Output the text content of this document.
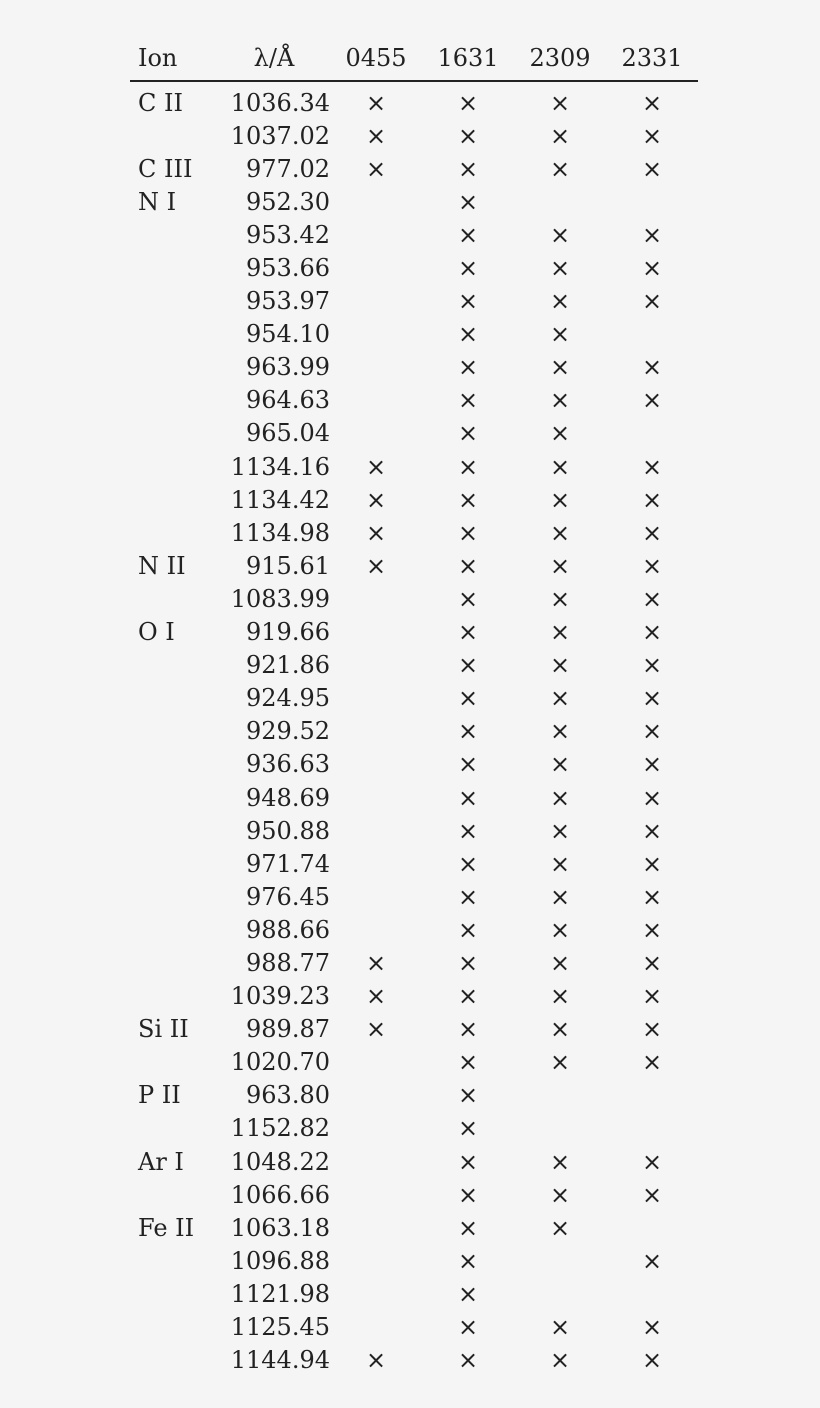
Ion	λ/Å	0455	1631	2309	2331
C II	1036.34	×	×	×	×
	1037.02	×	×	×	×
C III	977.02	×	×	×	×
N I	952.30		×		
	953.42		×	×	×
	953.66		×	×	×
	953.97		×	×	×
	954.10		×	×	
	963.99		×	×	×
	964.63		×	×	×
	965.04		×	×	
	1134.16	×	×	×	×
	1134.42	×	×	×	×
	1134.98	×	×	×	×
N II	915.61	×	×	×	×
	1083.99		×	×	×
O I	919.66		×	×	×
	921.86		×	×	×
	924.95		×	×	×
	929.52		×	×	×
	936.63		×	×	×
	948.69		×	×	×
	950.88		×	×	×
	971.74		×	×	×
	976.45		×	×	×
	988.66		×	×	×
	988.77	×	×	×	×
	1039.23	×	×	×	×
Si II	989.87	×	×	×	×
	1020.70		×	×	×
P II	963.80		×		
	1152.82		×		
Ar I	1048.22		×	×	×
	1066.66		×	×	×
Fe II	1063.18		×	×	
	1096.88		×		×
	1121.98		×		
	1125.45		×	×	×
	1144.94	×	×	×	×
